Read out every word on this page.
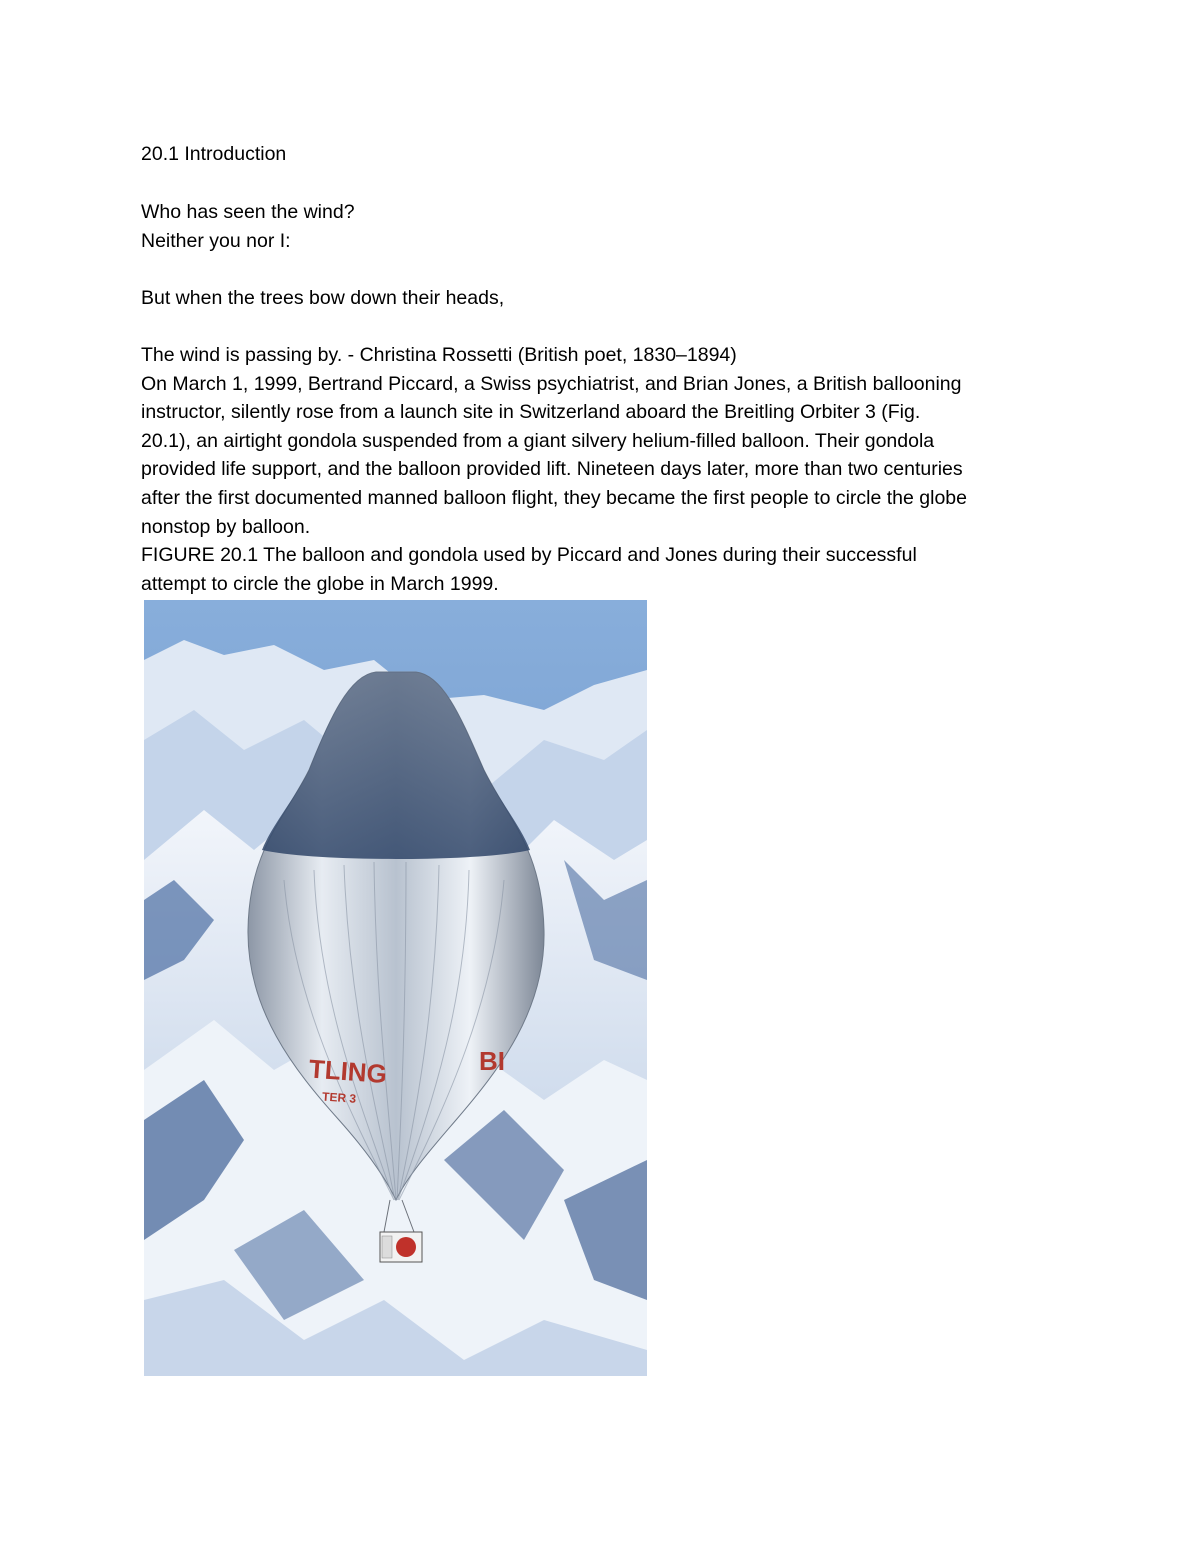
20.1 Introduction
Who has seen the wind?
Neither you nor I:
But when the trees bow down their heads,
The wind is passing by. - Christina Rossetti (British poet, 1830–1894)
On March 1, 1999, Bertrand Piccard, a Swiss psychiatrist, and Brian Jones, a British ballooning
instructor, silently rose from a launch site in Switzerland aboard the Breitling Orbiter 3 (Fig.
20.1), an airtight gondola suspended from a giant silvery helium-filled balloon. Their gondola
provided life support, and the balloon provided lift. Nineteen days later, more than two centuries
after the first documented manned balloon flight, they became the first people to circle the globe
nonstop by balloon.
FIGURE 20.1 The balloon and gondola used by Piccard and Jones during their successful
attempt to circle the globe in March 1999.
TLING	BI
TER 3
